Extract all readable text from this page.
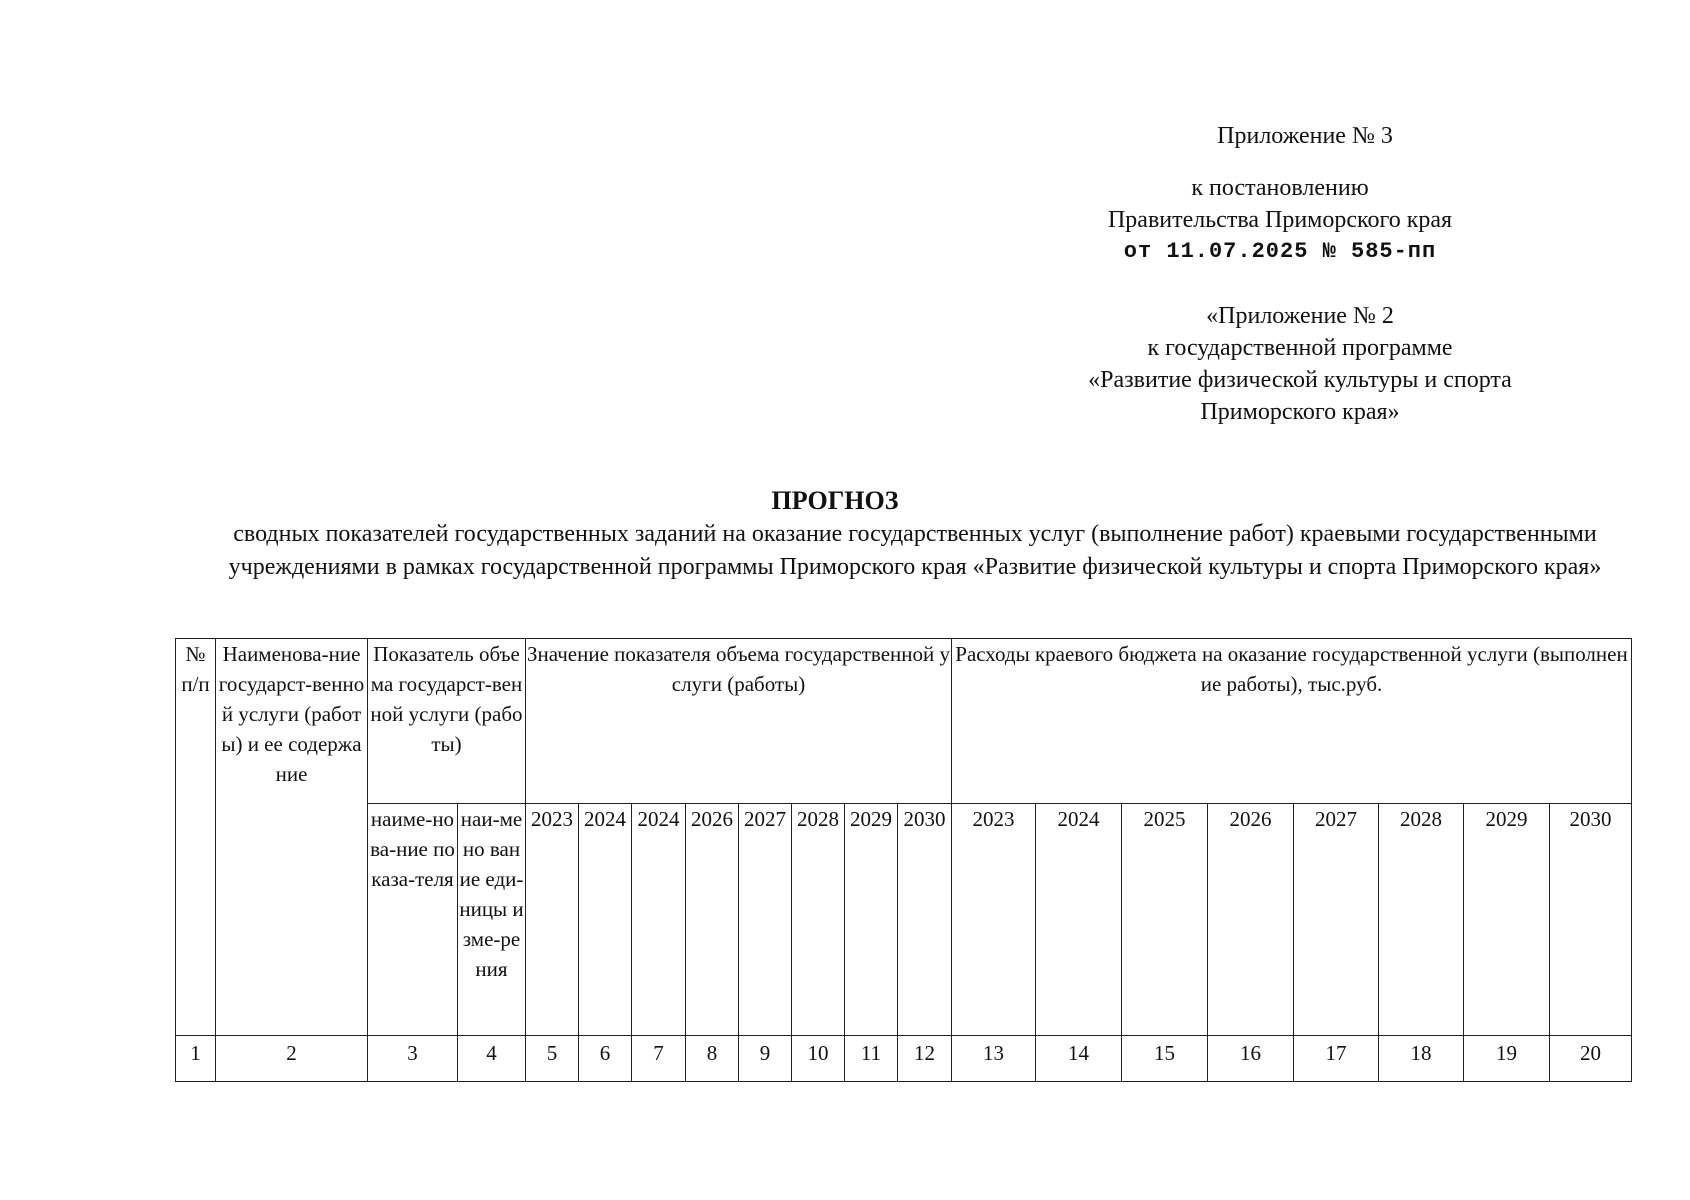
Приложение № 3
к постановлению
Правительства Приморского края
от 11.07.2025 № 585-пп
«Приложение № 2
к государственной программе
«Развитие физической культуры и спорта
Приморского края»
ПРОГНОЗ
сводных показателей государственных заданий на оказание государственных услуг (выполнение работ) краевыми государственными учреждениями в рамках государственной программы Приморского края «Развитие физической культуры и спорта Приморского края»
№ п/п	Наименова-ние государст-венной услуги (работы) и ее содержание	Показатель объема государст-венной услуги (работы)		Значение показателя объема государственной услуги (работы)								Расходы краевого бюджета на оказание государственной услуги (выполнение работы), тыс.руб.							
		наиме-нова-ние показа-теля	наи-мено вание еди-ницы изме-рения	2023	2024	2024	2026	2027	2028	2029	2030	2023	2024	2025	2026	2027	2028	2029	2030
1	2	3	4	5	6	7	8	9	10	11	12	13	14	15	16	17	18	19	20
